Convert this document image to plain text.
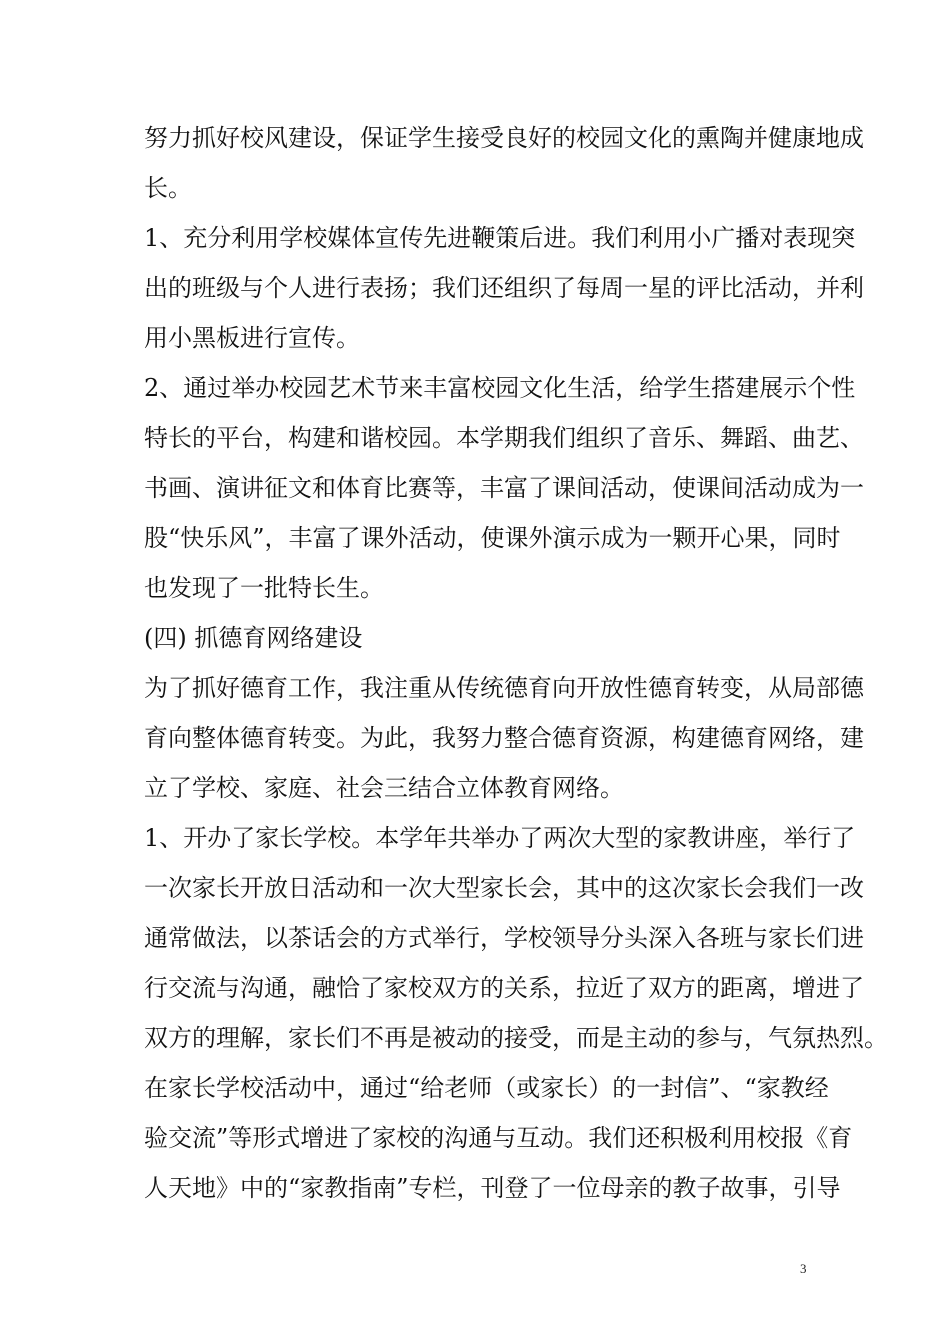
努力抓好校风建设，保证学生接受良好的校园文化的熏陶并健康地成
长。
1、充分利用学校媒体宣传先进鞭策后进。我们利用小广播对表现突
出的班级与个人进行表扬；我们还组织了每周一星的评比活动，并利
用小黑板进行宣传。
2、通过举办校园艺术节来丰富校园文化生活，给学生搭建展示个性
特长的平台，构建和谐校园。本学期我们组织了音乐、舞蹈、曲艺、
书画、演讲征文和体育比赛等，丰富了课间活动，使课间活动成为一
股“快乐风”，丰富了课外活动，使课外演示成为一颗开心果，同时
也发现了一批特长生。
(四) 抓德育网络建设
为了抓好德育工作，我注重从传统德育向开放性德育转变，从局部德
育向整体德育转变。为此，我努力整合德育资源，构建德育网络，建
立了学校、家庭、社会三结合立体教育网络。
1、开办了家长学校。本学年共举办了两次大型的家教讲座，举行了
一次家长开放日活动和一次大型家长会，其中的这次家长会我们一改
通常做法，以茶话会的方式举行，学校领导分头深入各班与家长们进
行交流与沟通，融恰了家校双方的关系，拉近了双方的距离，增进了
双方的理解，家长们不再是被动的接受，而是主动的参与，气氛热烈。
在家长学校活动中，通过“给老师（或家长）的一封信”、“家教经
验交流”等形式增进了家校的沟通与互动。我们还积极利用校报《育
人天地》中的“家教指南”专栏，刊登了一位母亲的教子故事，引导
3
